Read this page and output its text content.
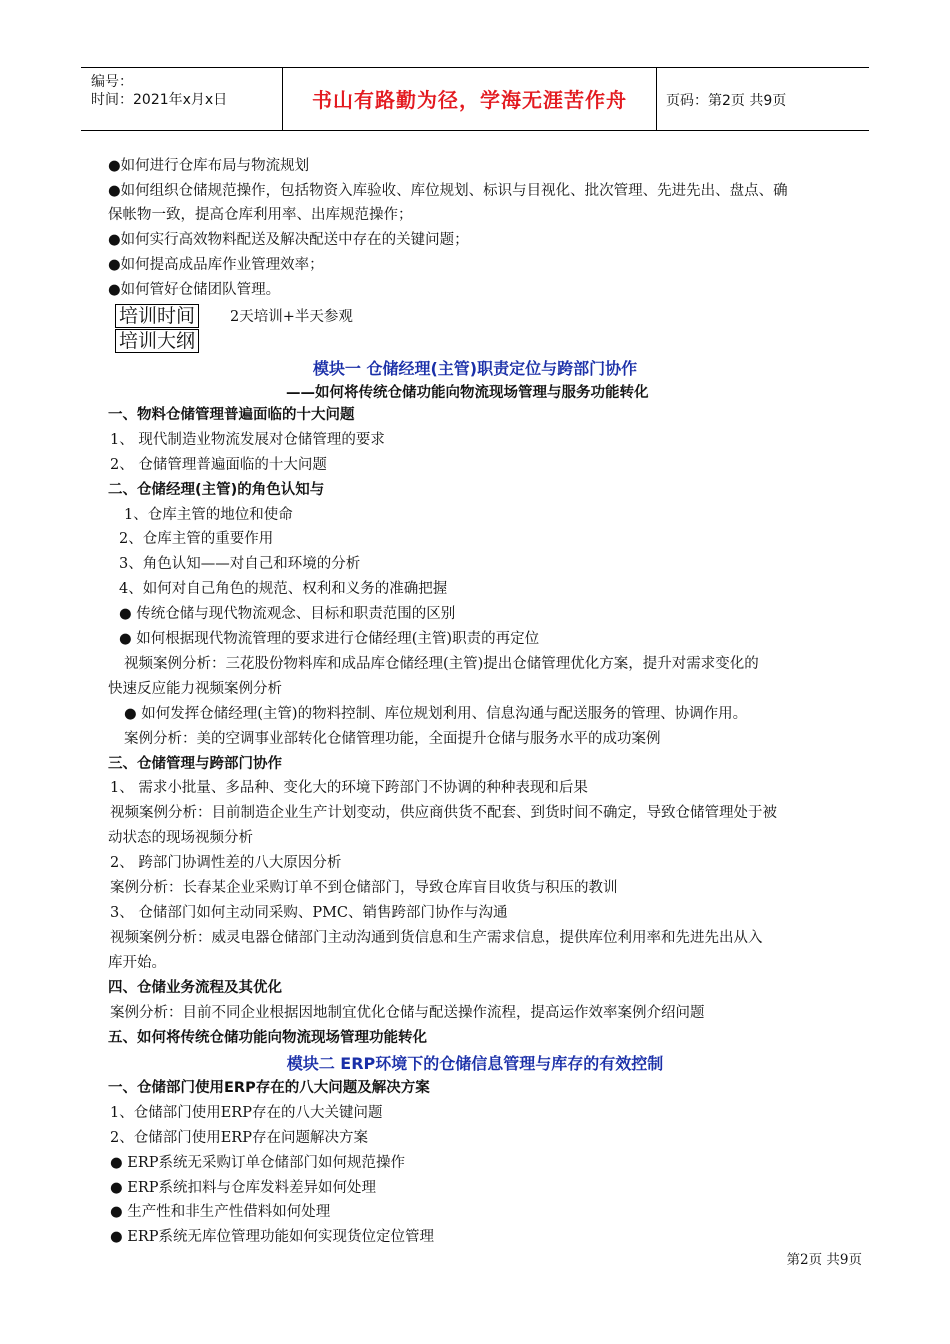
编号：
时间：2021年x月x日	书山有路勤为径，学海无涯苦作舟	页码：第2页 共9页
●如何进行仓库布局与物流规划
●如何组织仓储规范操作，包括物资入库验收、库位规划、标识与目视化、批次管理、先进先出、盘点、确
保帐物一致，提高仓库利用率、出库规范操作；
●如何实行高效物料配送及解决配送中存在的关键问题；
●如何提高成品库作业管理效率；
●如何管好仓储团队管理。
培训时间 2天培训+半天参观
培训大纲
模块一 仓储经理(主管)职责定位与跨部门协作
——如何将传统仓储功能向物流现场管理与服务功能转化
一、物料仓储管理普遍面临的十大问题
1、 现代制造业物流发展对仓储管理的要求
2、 仓储管理普遍面临的十大问题
二、仓储经理(主管)的角色认知与
1、仓库主管的地位和使命
2、仓库主管的重要作用
3、角色认知——对自己和环境的分析
4、如何对自己角色的规范、权利和义务的准确把握
● 传统仓储与现代物流观念、目标和职责范围的区别
● 如何根据现代物流管理的要求进行仓储经理(主管)职责的再定位
视频案例分析：三花股份物料库和成品库仓储经理(主管)提出仓储管理优化方案，提升对需求变化的
快速反应能力视频案例分析
● 如何发挥仓储经理(主管)的物料控制、库位规划利用、信息沟通与配送服务的管理、协调作用。
案例分析：美的空调事业部转化仓储管理功能，全面提升仓储与服务水平的成功案例
三、仓储管理与跨部门协作
1、 需求小批量、多品种、变化大的环境下跨部门不协调的种种表现和后果
视频案例分析：目前制造企业生产计划变动，供应商供货不配套、到货时间不确定，导致仓储管理处于被
动状态的现场视频分析
2、 跨部门协调性差的八大原因分析
案例分析：长春某企业采购订单不到仓储部门，导致仓库盲目收货与积压的教训
3、 仓储部门如何主动同采购、PMC、销售跨部门协作与沟通
视频案例分析：威灵电器仓储部门主动沟通到货信息和生产需求信息，提供库位利用率和先进先出从入
库开始。
四、仓储业务流程及其优化
案例分析：目前不同企业根据因地制宜优化仓储与配送操作流程，提高运作效率案例介绍问题
五、如何将传统仓储功能向物流现场管理功能转化
模块二 ERP环境下的仓储信息管理与库存的有效控制
一、仓储部门使用ERP存在的八大问题及解决方案
1、仓储部门使用ERP存在的八大关键问题
2、仓储部门使用ERP存在问题解决方案
● ERP系统无采购订单仓储部门如何规范操作
● ERP系统扣料与仓库发料差异如何处理
● 生产性和非生产性借料如何处理
● ERP系统无库位管理功能如何实现货位定位管理
第2页 共9页
